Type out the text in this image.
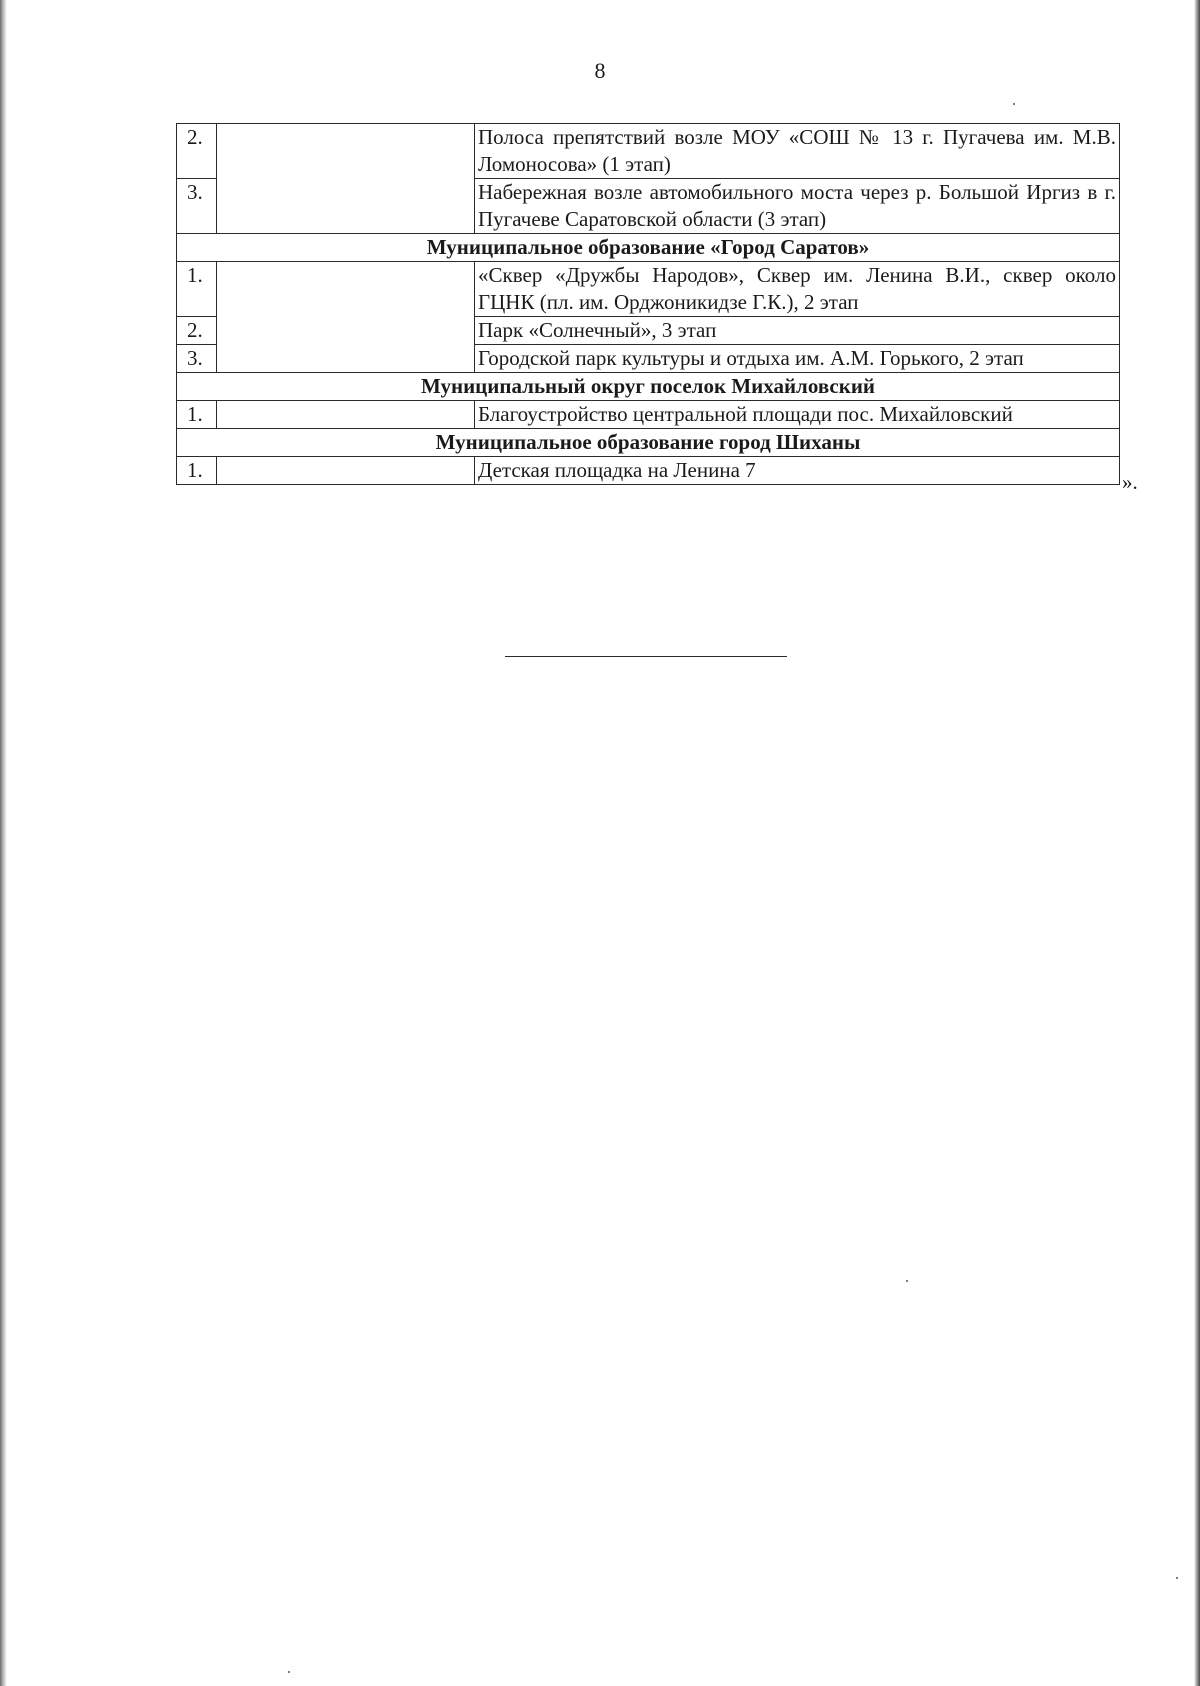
8
2.		Полоса препятствий возле МОУ «СОШ № 13 г. Пугачева им. М.В. Ломоносова» (1 этап)
3.		Набережная возле автомобильного моста через р. Большой Иргиз в г. Пугачеве Саратовской области (3 этап)
Муниципальное образование «Город Саратов»		
1.		«Сквер «Дружбы Народов», Сквер им. Ленина В.И., сквер около ГЦНК (пл. им. Орджоникидзе Г.К.), 2 этап
2.		Парк «Солнечный», 3 этап
3.		Городской парк культуры и отдыха им. А.М. Горького, 2 этап
Муниципальный округ поселок Михайловский		
1.		Благоустройство центральной площади пос. Михайловский
Муниципальное образование город Шиханы		
1.		Детская площадка на Ленина 7	».
